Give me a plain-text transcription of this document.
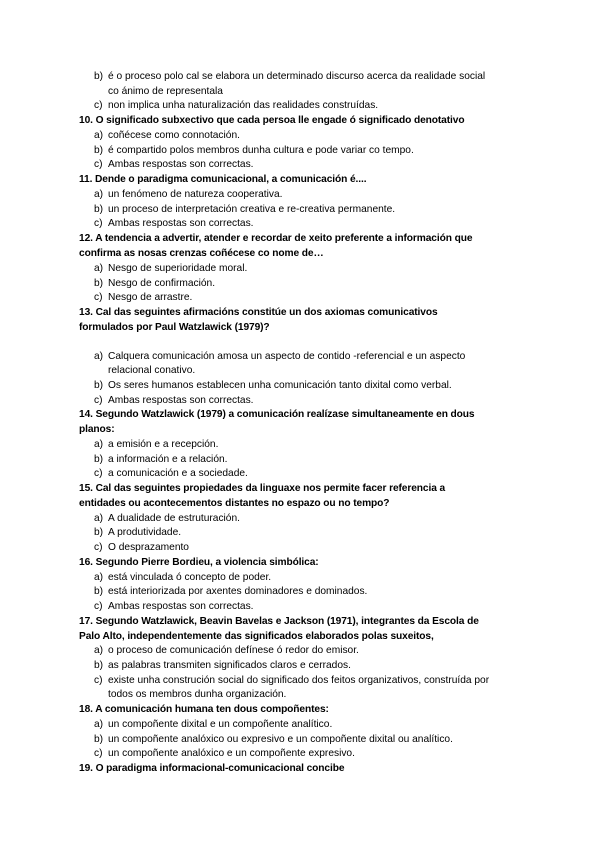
b) é o proceso polo cal se elabora un determinado discurso acerca da realidade social
co ánimo de representala
c) non implica unha naturalización das realidades construídas.
10. O significado subxectivo que cada persoa lle engade ó significado denotativo
a) coñécese como connotación.
b) é compartido polos membros dunha cultura e pode variar co tempo.
c) Ambas respostas son correctas.
11. Dende o paradigma comunicacional, a comunicación é....
a) un fenómeno de natureza cooperativa.
b) un proceso de interpretación creativa e re-creativa permanente.
c) Ambas respostas son correctas.
12. A tendencia a advertir, atender e recordar de xeito preferente a información que
confirma as nosas crenzas coñécese co nome de…
a) Nesgo de superioridade moral.
b) Nesgo de confirmación.
c) Nesgo de arrastre.
13. Cal das seguintes afirmacións constitúe un dos axiomas comunicativos
formulados por Paul Watzlawick (1979)?
a) Calquera comunicación amosa un aspecto de contido -referencial e un aspecto
relacional conativo.
b) Os seres humanos establecen unha comunicación tanto dixital como verbal.
c) Ambas respostas son correctas.
14. Segundo Watzlawick (1979) a comunicación realízase simultaneamente en dous
planos:
a) a emisión e a recepción.
b) a información e a relación.
c) a comunicación e a sociedade.
15. Cal das seguintes propiedades da linguaxe nos permite facer referencia a
entidades ou acontecementos distantes no espazo ou no tempo?
a) A dualidade de estruturación.
b) A produtividade.
c) O desprazamento
16. Segundo Pierre Bordieu, a violencia simbólica:
a) está vinculada ó concepto de poder.
b) está interiorizada por axentes dominadores e dominados.
c) Ambas respostas son correctas.
17. Segundo Watzlawick, Beavin Bavelas e Jackson (1971), integrantes da Escola de
Palo Alto, independentemente das significados elaborados polas suxeitos,
a) o proceso de comunicación defínese ó redor do emisor.
b) as palabras transmiten significados claros e cerrados.
c) existe unha construción social do significado dos feitos organizativos, construída por
todos os membros dunha organización.
18. A comunicación humana ten dous compoñentes:
a) un compoñente dixital e un compoñente analítico.
b) un compoñente analóxico ou expresivo e un compoñente dixital ou analítico.
c) un compoñente analóxico e un compoñente expresivo.
19. O paradigma informacional-comunicacional concibe
